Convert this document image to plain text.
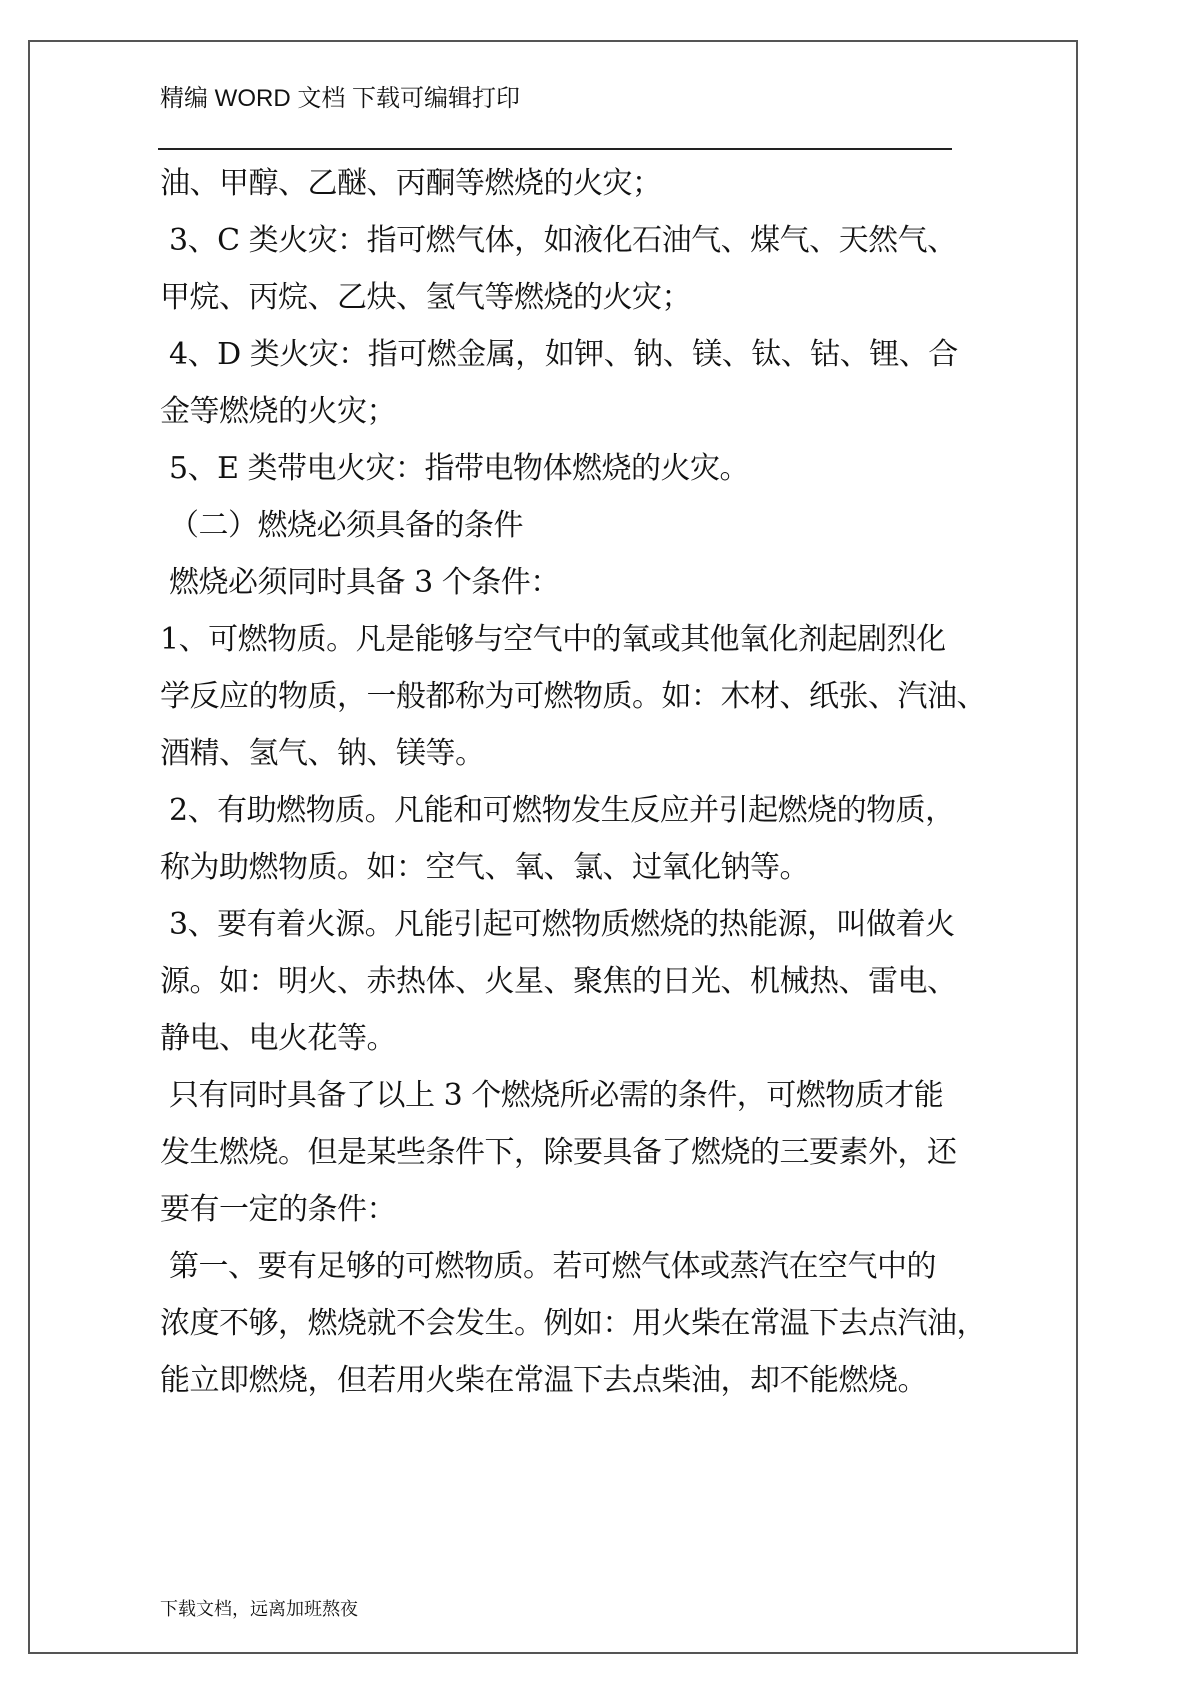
精编 WORD 文档 下载可编辑打印
油、甲醇、乙醚、丙酮等燃烧的火灾；
3、C 类火灾：指可燃气体，如液化石油气、煤气、天然气、
甲烷、丙烷、乙炔、氢气等燃烧的火灾；
4、D 类火灾：指可燃金属，如钾、钠、镁、钛、钴、锂、合
金等燃烧的火灾；
5、E 类带电火灾：指带电物体燃烧的火灾。
（二）燃烧必须具备的条件
燃烧必须同时具备 3 个条件：
1、可燃物质。凡是能够与空气中的氧或其他氧化剂起剧烈化
学反应的物质，一般都称为可燃物质。如：木材、纸张、汽油、
酒精、氢气、钠、镁等。
2、有助燃物质。凡能和可燃物发生反应并引起燃烧的物质，
称为助燃物质。如：空气、氧、氯、过氧化钠等。
3、要有着火源。凡能引起可燃物质燃烧的热能源，叫做着火
源。如：明火、赤热体、火星、聚焦的日光、机械热、雷电、
静电、电火花等。
只有同时具备了以上 3 个燃烧所必需的条件，可燃物质才能
发生燃烧。但是某些条件下，除要具备了燃烧的三要素外，还
要有一定的条件：
第一、要有足够的可燃物质。若可燃气体或蒸汽在空气中的
浓度不够，燃烧就不会发生。例如：用火柴在常温下去点汽油，
能立即燃烧，但若用火柴在常温下去点柴油，却不能燃烧。
下载文档，远离加班熬夜
